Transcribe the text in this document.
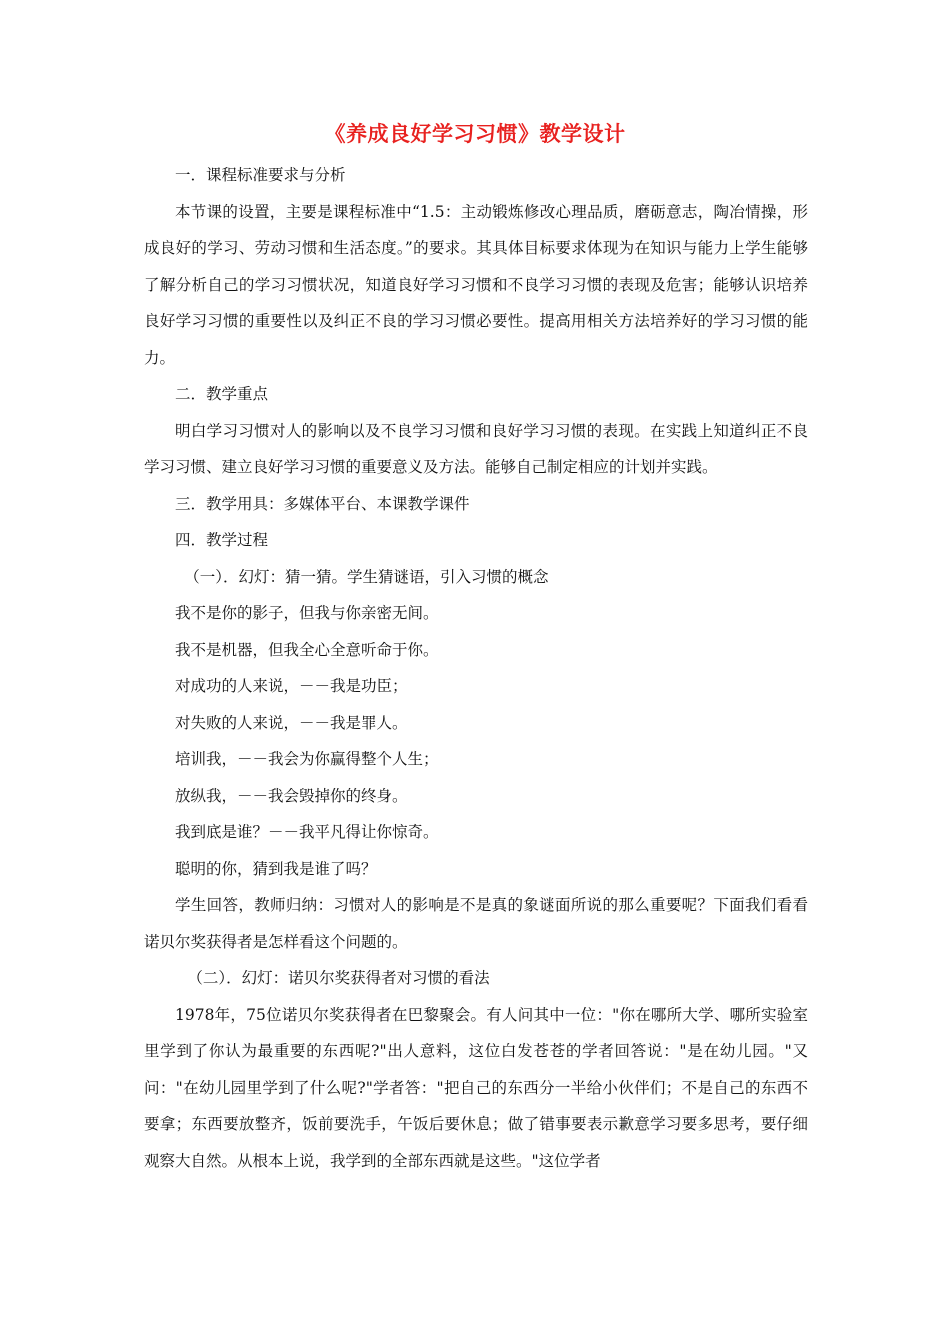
《养成良好学习习惯》教学设计

一．课程标准要求与分析

本节课的设置，主要是课程标准中“1.5：主动锻炼修改心理品质，磨砺意志，陶冶情操，形成良好的学习、劳动习惯和生活态度。”的要求。其具体目标要求体现为在知识与能力上学生能够了解分析自己的学习习惯状况，知道良好学习习惯和不良学习习惯的表现及危害；能够认识培养良好学习习惯的重要性以及纠正不良的学习习惯必要性。提高用相关方法培养好的学习习惯的能力。

二．教学重点

明白学习习惯对人的影响以及不良学习习惯和良好学习习惯的表现。在实践上知道纠正不良学习习惯、建立良好学习习惯的重要意义及方法。能够自己制定相应的计划并实践。

三．教学用具：多媒体平台、本课教学课件

四．教学过程

（一）．幻灯：猜一猜。学生猜谜语，引入习惯的概念

我不是你的影子，但我与你亲密无间。

我不是机器，但我全心全意听命于你。

对成功的人来说，－－我是功臣；

对失败的人来说，－－我是罪人。

培训我，－－我会为你赢得整个人生；

放纵我，－－我会毁掉你的终身。

我到底是谁？－－我平凡得让你惊奇。

聪明的你，猜到我是谁了吗？

学生回答，教师归纳：习惯对人的影响是不是真的象谜面所说的那么重要呢？下面我们看看诺贝尔奖获得者是怎样看这个问题的。

（二）．幻灯：诺贝尔奖获得者对习惯的看法

1978年，75位诺贝尔奖获得者在巴黎聚会。有人问其中一位："你在哪所大学、哪所实验室里学到了你认为最重要的东西呢?"出人意料，这位白发苍苍的学者回答说："是在幼儿园。"又问："在幼儿园里学到了什么呢?"学者答："把自己的东西分一半给小伙伴们；不是自己的东西不要拿；东西要放整齐，饭前要洗手，午饭后要休息；做了错事要表示歉意学习要多思考，要仔细观察大自然。从根本上说，我学到的全部东西就是这些。"这位学者
